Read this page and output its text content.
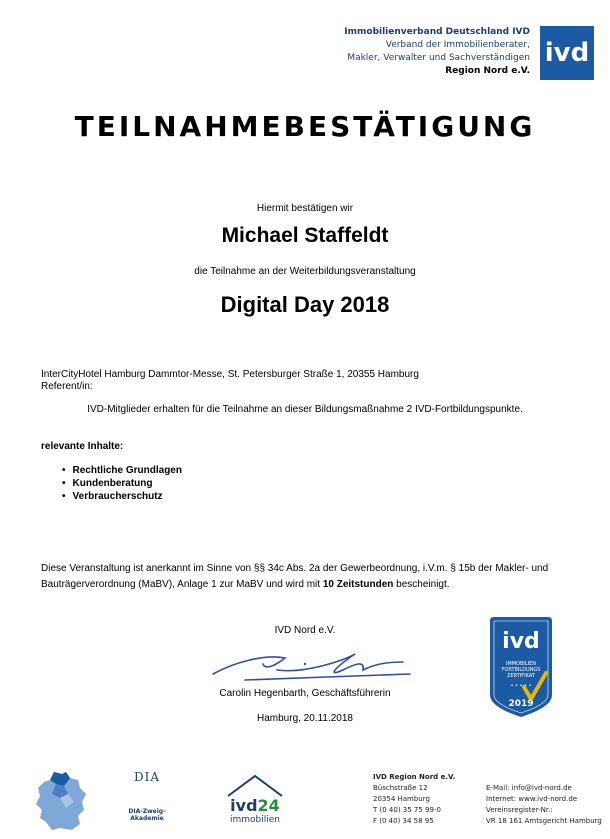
Immobilienverband Deutschland IVD
Verband der Immobilienberater,
Makler, Verwalter und Sachverständigen
Region Nord e.V.
ivd
TEILNAHMEBESTÄTIGUNG
Hiermit bestätigen wir
Michael Staffeldt
die Teilnahme an der Weiterbildungsveranstaltung
Digital Day 2018
InterCityHotel Hamburg Dammtor-Messe, St. Petersburger Straße 1, 20355 Hamburg
Referent/in:
IVD-Mitglieder erhalten für die Teilnahme an dieser Bildungsmaßnahme 2 IVD-Fortbildungspunkte.
relevante Inhalte:
• Rechtliche Grundlagen
• Kundenberatung
• Verbraucherschutz
Diese Veranstaltung ist anerkannt im Sinne von §§ 34c Abs. 2a der Gewerbeordnung, i.V.m. § 15b der Makler- und Bauträgerverordnung (MaBV), Anlage 1 zur MaBV und wird mit 10 Zeitstunden bescheinigt.
IVD Nord e.V.
Carolin Hegenbarth, Geschäftsführerin
Hamburg, 20.11.2018
ivd
IMMOBILIEN
FORTBILDUNGS
ZERTIFIKAT
• • • • •
2019
DIA
DIA-Zweig-Akademie
ivd24
immobilien
IVD Region Nord e.V.
Büschstraße 12
20354 Hamburg
T (0 40) 35 75 99-0
F (0 40) 34 58 95
E-Mail: info@ivd-nord.de
Internet: www.ivd-nord.de
Vereinsregister-Nr.:
VR 18 161 Amtsgericht Hamburg
